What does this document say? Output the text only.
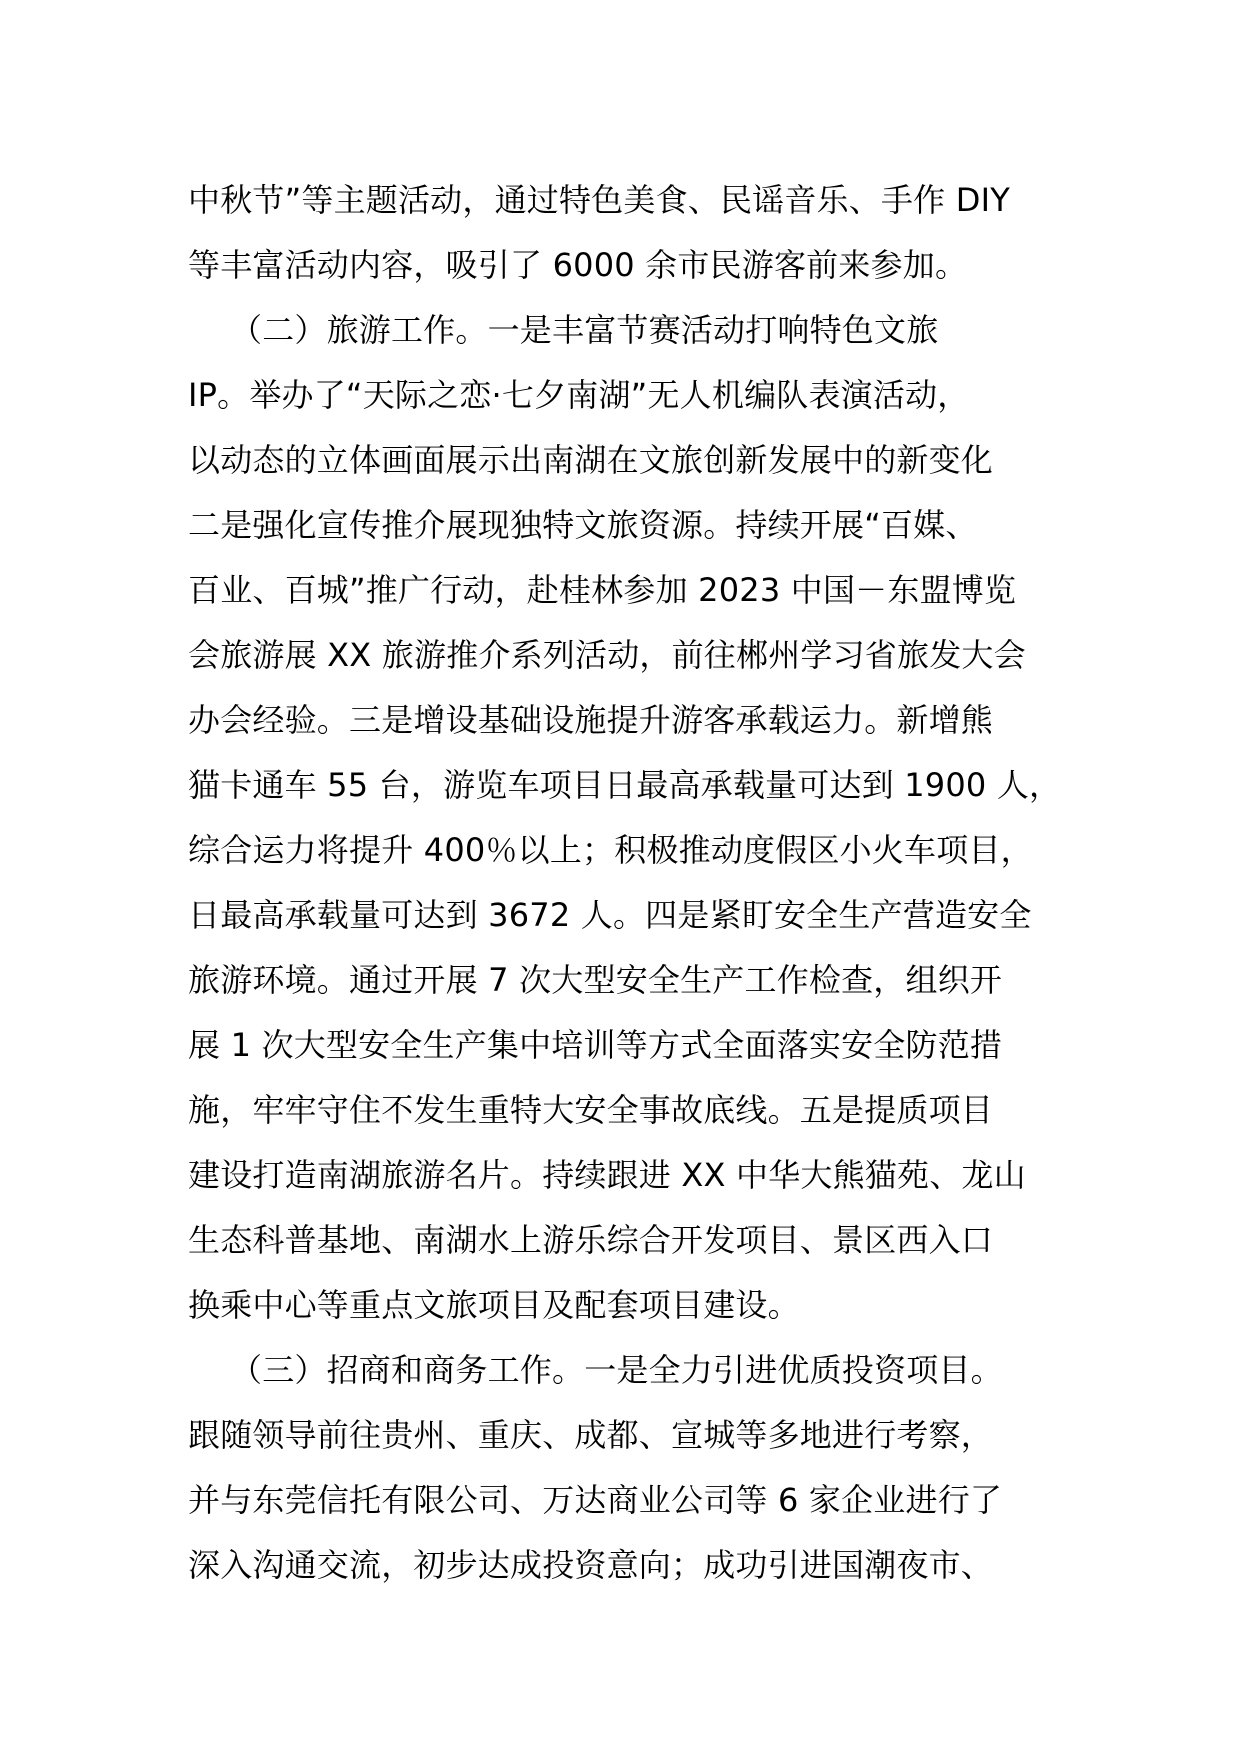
中秋节”等主题活动，通过特色美食、民谣音乐、手作 DIY
等丰富活动内容，吸引了 6000 余市民游客前来参加。
（二）旅游工作。一是丰富节赛活动打响特色文旅
IP。举办了“天际之恋·七夕南湖”无人机编队表演活动，
以动态的立体画面展示出南湖在文旅创新发展中的新变化
二是强化宣传推介展现独特文旅资源。持续开展“百媒、
百业、百城”推广行动，赴桂林参加 2023 中国－东盟博览
会旅游展 XX 旅游推介系列活动，前往郴州学习省旅发大会
办会经验。三是增设基础设施提升游客承载运力。新增熊
猫卡通车 55 台，游览车项目日最高承载量可达到 1900 人，
综合运力将提升 400％以上；积极推动度假区小火车项目，
日最高承载量可达到 3672 人。四是紧盯安全生产营造安全
旅游环境。通过开展 7 次大型安全生产工作检查，组织开
展 1 次大型安全生产集中培训等方式全面落实安全防范措
施，牢牢守住不发生重特大安全事故底线。五是提质项目
建设打造南湖旅游名片。持续跟进 XX 中华大熊猫苑、龙山
生态科普基地、南湖水上游乐综合开发项目、景区西入口
换乘中心等重点文旅项目及配套项目建设。
（三）招商和商务工作。一是全力引进优质投资项目。
跟随领导前往贵州、重庆、成都、宣城等多地进行考察，
并与东莞信托有限公司、万达商业公司等 6 家企业进行了
深入沟通交流，初步达成投资意向；成功引进国潮夜市、
